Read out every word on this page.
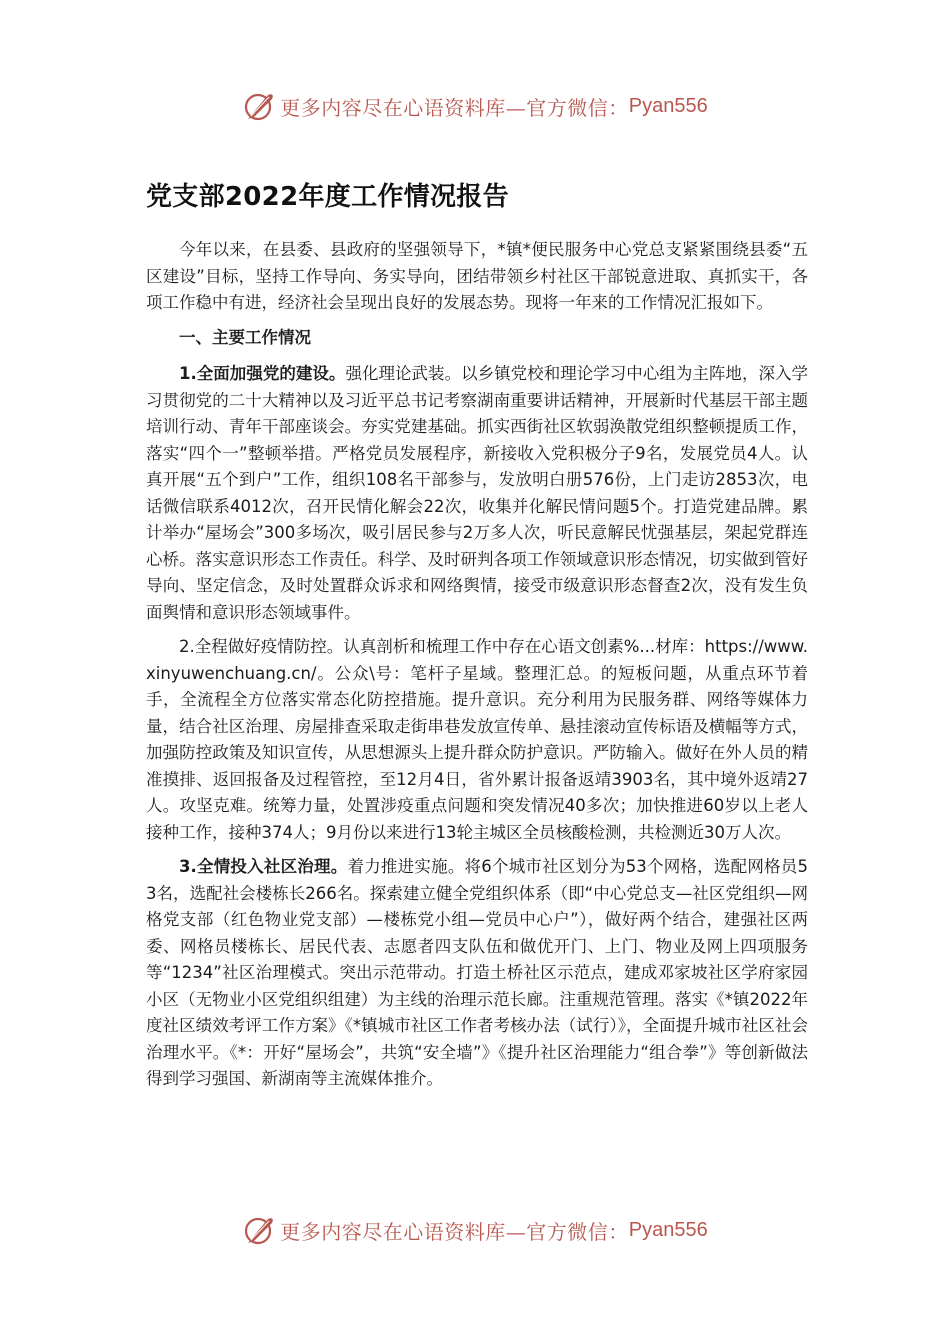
更多内容尽在心语资料库—官方微信： Pyan556
党支部2022年度工作情况报告

今年以来，在县委、县政府的坚强领导下，*镇*便民服务中心党总支紧紧围绕县委“五区建设”目标，坚持工作导向、务实导向，团结带领乡村社区干部锐意进取、真抓实干，各项工作稳中有进，经济社会呈现出良好的发展态势。现将一年来的工作情况汇报如下。

一、主要工作情况

1.全面加强党的建设。强化理论武装。以乡镇党校和理论学习中心组为主阵地，深入学习贯彻党的二十大精神以及习近平总书记考察湖南重要讲话精神，开展新时代基层干部主题培训行动、青年干部座谈会。夯实党建基础。抓实西街社区软弱涣散党组织整顿提质工作，落实“四个一”整顿举措。严格党员发展程序，新接收入党积极分子9名，发展党员4人。认真开展“五个到户”工作，组织108名干部参与，发放明白册576份，上门走访2853次，电话微信联系4012次，召开民情化解会22次，收集并化解民情问题5个。打造党建品牌。累计举办“屋场会”300多场次，吸引居民参与2万多人次，听民意解民忧强基层，架起党群连心桥。落实意识形态工作责任。科学、及时研判各项工作领域意识形态情况，切实做到管好导向、坚定信念，及时处置群众诉求和网络舆情，接受市级意识形态督查2次，没有发生负面舆情和意识形态领域事件。

2.全程做好疫情防控。认真剖析和梳理工作中存在心语文创素%...材库：https://www.xinyuwenchuang.cn/。公众\号：笔杆子星域。整理汇总。的短板问题，从重点环节着手，全流程全方位落实常态化防控措施。提升意识。充分利用为民服务群、网络等媒体力量，结合社区治理、房屋排查采取走街串巷发放宣传单、悬挂滚动宣传标语及横幅等方式，加强防控政策及知识宣传，从思想源头上提升群众防护意识。严防输入。做好在外人员的精准摸排、返回报备及过程管控，至12月4日，省外累计报备返靖3903名，其中境外返靖27人。攻坚克难。统筹力量，处置涉疫重点问题和突发情况40多次；加快推进60岁以上老人接种工作，接种374人；9月份以来进行13轮主城区全员核酸检测，共检测近30万人次。

3.全情投入社区治理。着力推进实施。将6个城市社区划分为53个网格，选配网格员53名，选配社会楼栋长266名。探索建立健全党组织体系（即“中心党总支—社区党组织—网格党支部（红色物业党支部）—楼栋党小组—党员中心户”），做好两个结合，建强社区两委、网格员楼栋长、居民代表、志愿者四支队伍和做优开门、上门、物业及网上四项服务等“1234”社区治理模式。突出示范带动。打造土桥社区示范点，建成邓家坡社区学府家园小区（无物业小区党组织组建）为主线的治理示范长廊。注重规范管理。落实《*镇2022年度社区绩效考评工作方案》《*镇城市社区工作者考核办法（试行）》，全面提升城市社区社会治理水平。《*：开好“屋场会”，共筑“安全墙”》《提升社区治理能力“组合拳”》等创新做法得到学习强国、新湖南等主流媒体推介。

更多内容尽在心语资料库—官方微信： Pyan556
